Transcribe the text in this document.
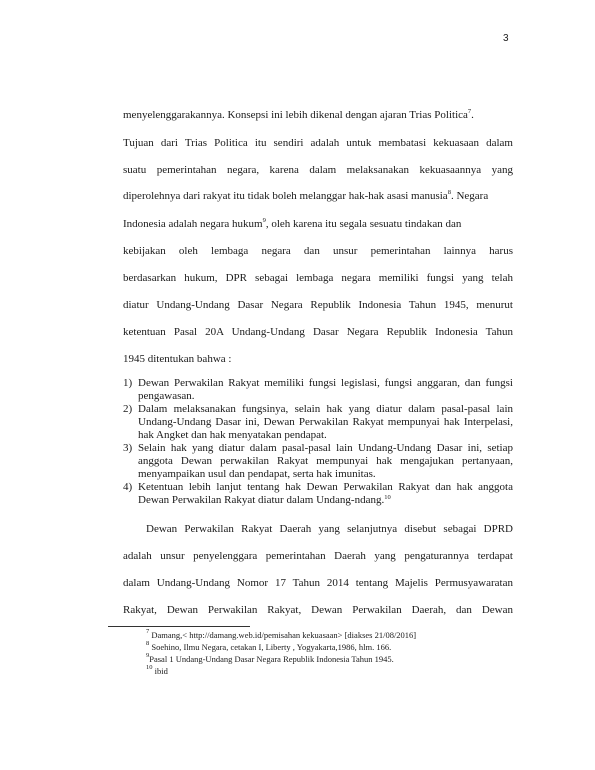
3
menyelenggarakannya. Konsepsi ini lebih dikenal dengan ajaran Trias Politica$^7$.
Tujuan dari Trias Politica itu sendiri adalah untuk membatasi kekuasaan dalam
suatu pemerintahan negara, karena dalam melaksanakan kekuasaannya yang
diperolehnya dari rakyat itu tidak boleh melanggar hak-hak asasi manusia$^8$. Negara
Indonesia adalah negara hukum$^9$, oleh karena itu segala sesuatu tindakan dan
kebijakan oleh lembaga negara dan unsur pemerintahan lainnya harus
berdasarkan hukum, DPR sebagai lembaga negara memiliki fungsi yang telah
diatur Undang-Undang Dasar Negara Republik Indonesia Tahun 1945, menurut
ketentuan Pasal 20A Undang-Undang Dasar Negara Republik Indonesia Tahun
1945 ditentukan bahwa :
1) Dewan Perwakilan Rakyat memiliki fungsi legislasi, fungsi anggaran, dan fungsi pengawasan.
2) Dalam melaksanakan fungsinya, selain hak yang diatur dalam pasal-pasal lain Undang-Undang Dasar ini, Dewan Perwakilan Rakyat mempunyai hak Interpelasi, hak Angket dan hak menyatakan pendapat.
3) Selain hak yang diatur dalam pasal-pasal lain Undang-Undang Dasar ini, setiap anggota Dewan perwakilan Rakyat mempunyai hak mengajukan pertanyaan, menyampaikan usul dan pendapat, serta hak imunitas.
4) Ketentuan lebih lanjut tentang hak Dewan Perwakilan Rakyat dan hak anggota Dewan Perwakilan Rakyat diatur dalam Undang-ndang.$^{10}$
Dewan Perwakilan Rakyat Daerah yang selanjutnya disebut sebagai DPRD
adalah unsur penyelenggara pemerintahan Daerah yang pengaturannya terdapat
dalam Undang-Undang Nomor 17 Tahun 2014 tentang Majelis Permusyawaratan
Rakyat, Dewan Perwakilan Rakyat, Dewan Perwakilan Daerah, dan Dewan
$^7$ Damang,< http://damang.web.id/pemisahan kekuasaan> [diakses 21/08/2016]
$^8$ Soehino, Ilmu Negara, cetakan I, Liberty , Yogyakarta,1986, hlm. 166.
$^9$Pasal 1 Undang-Undang Dasar Negara Republik Indonesia Tahun 1945.
$^{10}$ ibid
